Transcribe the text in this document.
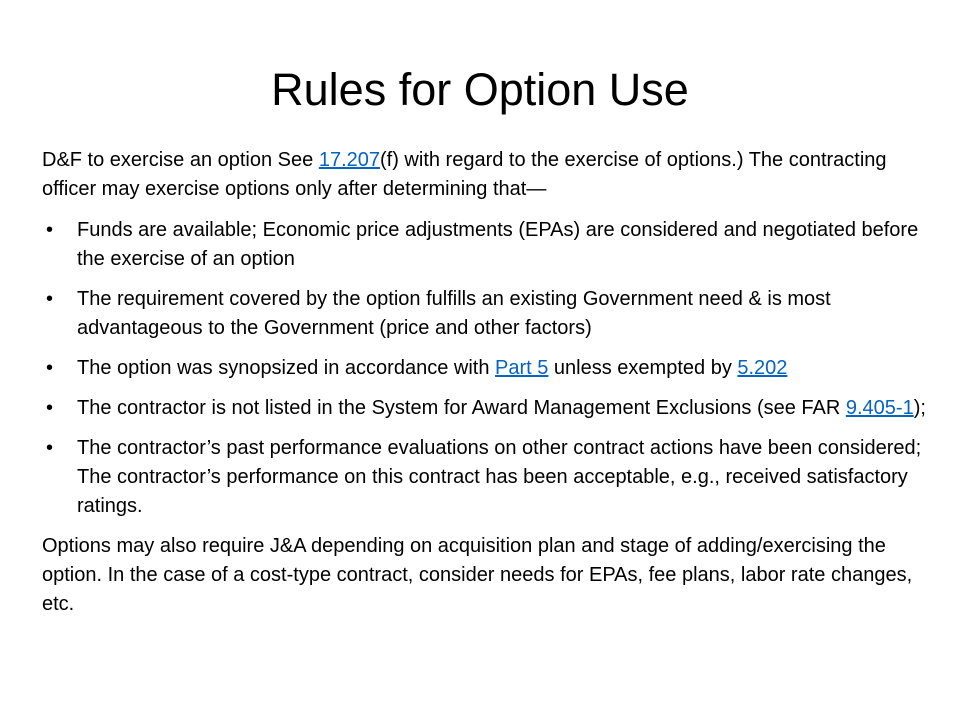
Rules for Option Use

D&F to exercise an option See 17.207(f) with regard to the exercise of options.) The contracting officer may exercise options only after determining that—

• Funds are available; Economic price adjustments (EPAs) are considered and negotiated before the exercise of an option
• The requirement covered by the option fulfills an existing Government need & is most advantageous to the Government (price and other factors)
• The option was synopsized in accordance with Part 5 unless exempted by 5.202
• The contractor is not listed in the System for Award Management Exclusions (see FAR 9.405-1);
• The contractor’s past performance evaluations on other contract actions have been considered; The contractor’s performance on this contract has been acceptable, e.g., received satisfactory ratings.

Options may also require J&A depending on acquisition plan and stage of adding/exercising the option. In the case of a cost-type contract, consider needs for EPAs, fee plans, labor rate changes, etc.
